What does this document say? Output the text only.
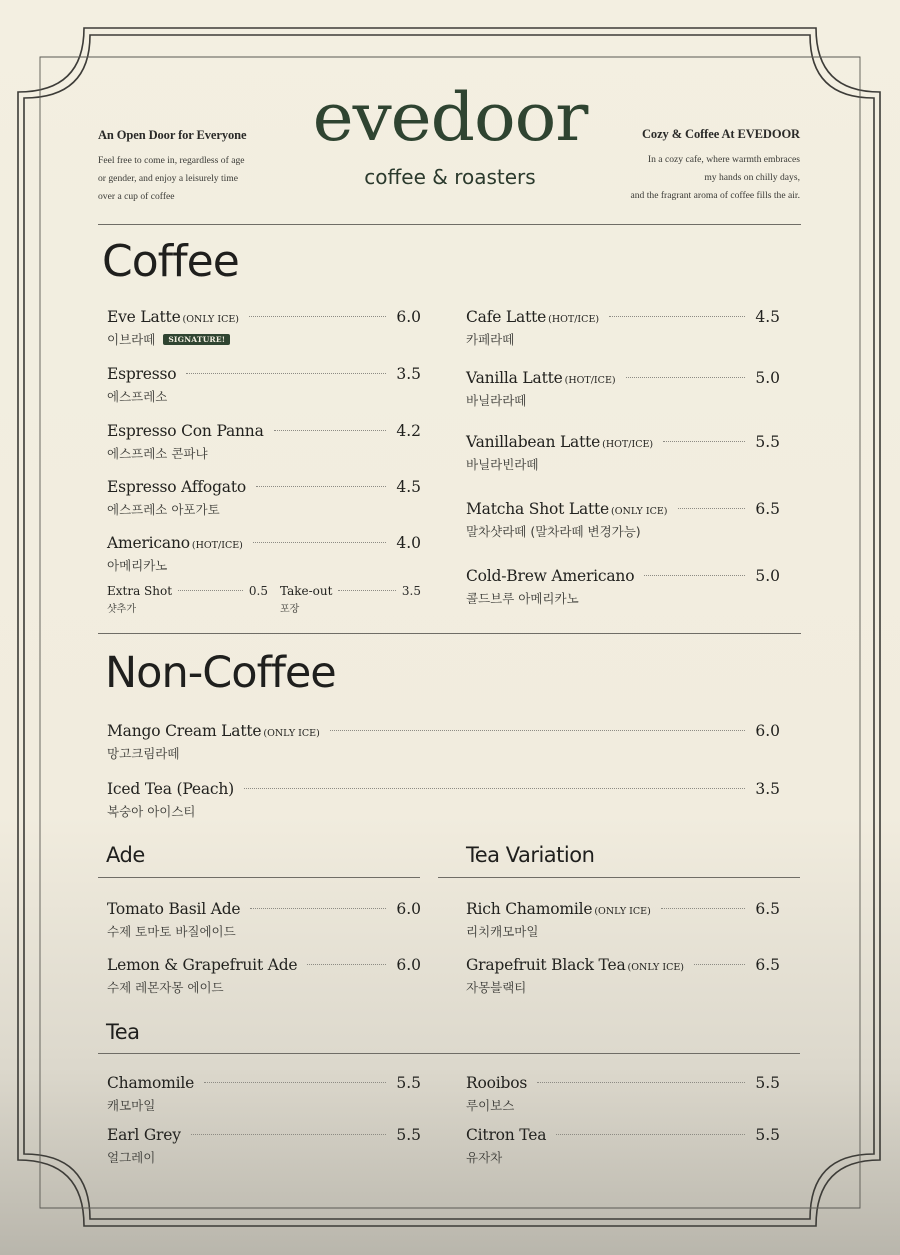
An Open Door for Everyone
Feel free to come in, regardless of age
or gender, and enjoy a leisurely time
over a cup of coffee
evedoor
coffee & roasters
Cozy & Coffee At EVEDOOR
In a cozy cafe, where warmth embraces
my hands on chilly days,
and the fragrant aroma of coffee fills the air.
Coffee
Eve Latte (ONLY ICE)	6.0
이브라떼	SIGNATURE!
Espresso	3.5
에스프레소
Espresso Con Panna	4.2
에스프레소 콘파냐
Espresso Affogato	4.5
에스프레소 아포가토
Americano (HOT/ICE)	4.0
아메리카노
Extra Shot	0.5
샷추가
Take-out	3.5
포장
Cafe Latte (HOT/ICE)	4.5
카페라떼
Vanilla Latte (HOT/ICE)	5.0
바닐라라떼
Vanillabean Latte (HOT/ICE)	5.5
바닐라빈라떼
Matcha Shot Latte (ONLY ICE)	6.5
말차샷라떼 (말차라떼 변경가능)
Cold-Brew Americano	5.0
콜드브루 아메리카노
Non-Coffee
Mango Cream Latte (ONLY ICE)	6.0
망고크림라떼
Iced Tea (Peach)	3.5
복숭아 아이스티
Ade
Tomato Basil Ade	6.0
수제 토마토 바질에이드
Lemon & Grapefruit Ade	6.0
수제 레몬자몽 에이드
Tea Variation
Rich Chamomile (ONLY ICE)	6.5
리치캐모마일
Grapefruit Black Tea (ONLY ICE)	6.5
자몽블랙티
Tea
Chamomile	5.5
캐모마일
Earl Grey	5.5
얼그레이
Rooibos	5.5
루이보스
Citron Tea	5.5
유자차
